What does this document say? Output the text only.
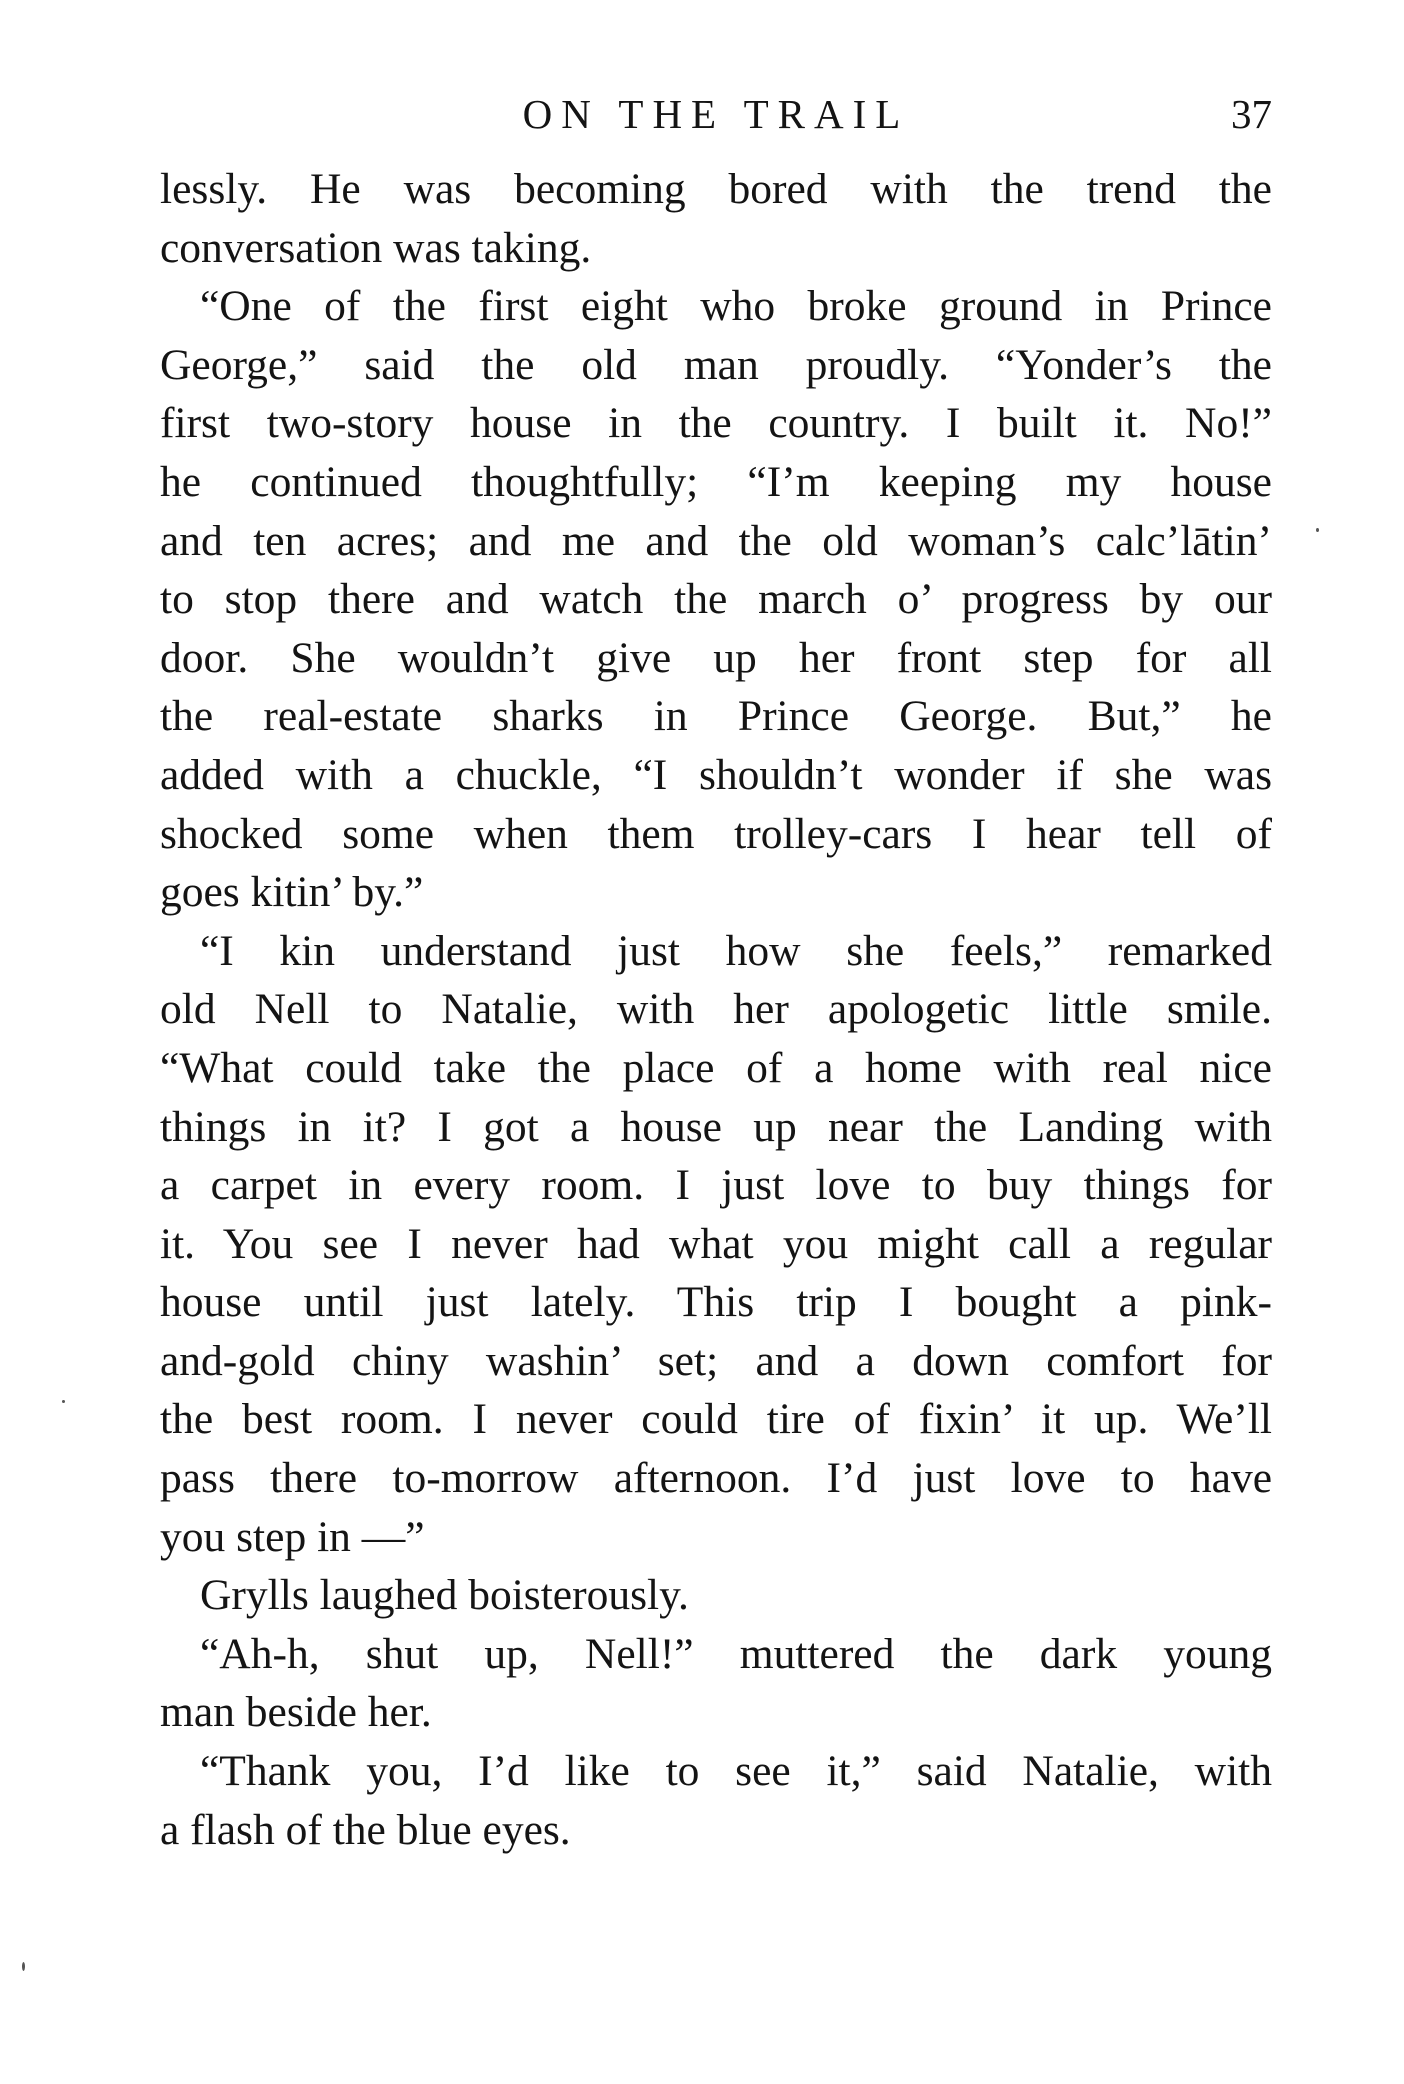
ON THE TRAIL	37
lessly. He was becoming bored with the trend the
conversation was taking.
“One of the first eight who broke ground in Prince
George,” said the old man proudly. “Yonder’s the
first two-story house in the country. I built it. No!”
he continued thoughtfully; “I’m keeping my house
and ten acres; and me and the old woman’s calc’lātin’
to stop there and watch the march o’ progress by our
door. She wouldn’t give up her front step for all
the real-estate sharks in Prince George. But,” he
added with a chuckle, “I shouldn’t wonder if she was
shocked some when them trolley-cars I hear tell of
goes kitin’ by.”
“I kin understand just how she feels,” remarked
old Nell to Natalie, with her apologetic little smile.
“What could take the place of a home with real nice
things in it? I got a house up near the Landing with
a carpet in every room. I just love to buy things for
it. You see I never had what you might call a regular
house until just lately. This trip I bought a pink-
and-gold chiny washin’ set; and a down comfort for
the best room. I never could tire of fixin’ it up. We’ll
pass there to-morrow afternoon. I’d just love to have
you step in —”
Grylls laughed boisterously.
“Ah-h, shut up, Nell!” muttered the dark young
man beside her.
“Thank you, I’d like to see it,” said Natalie, with
a flash of the blue eyes.
